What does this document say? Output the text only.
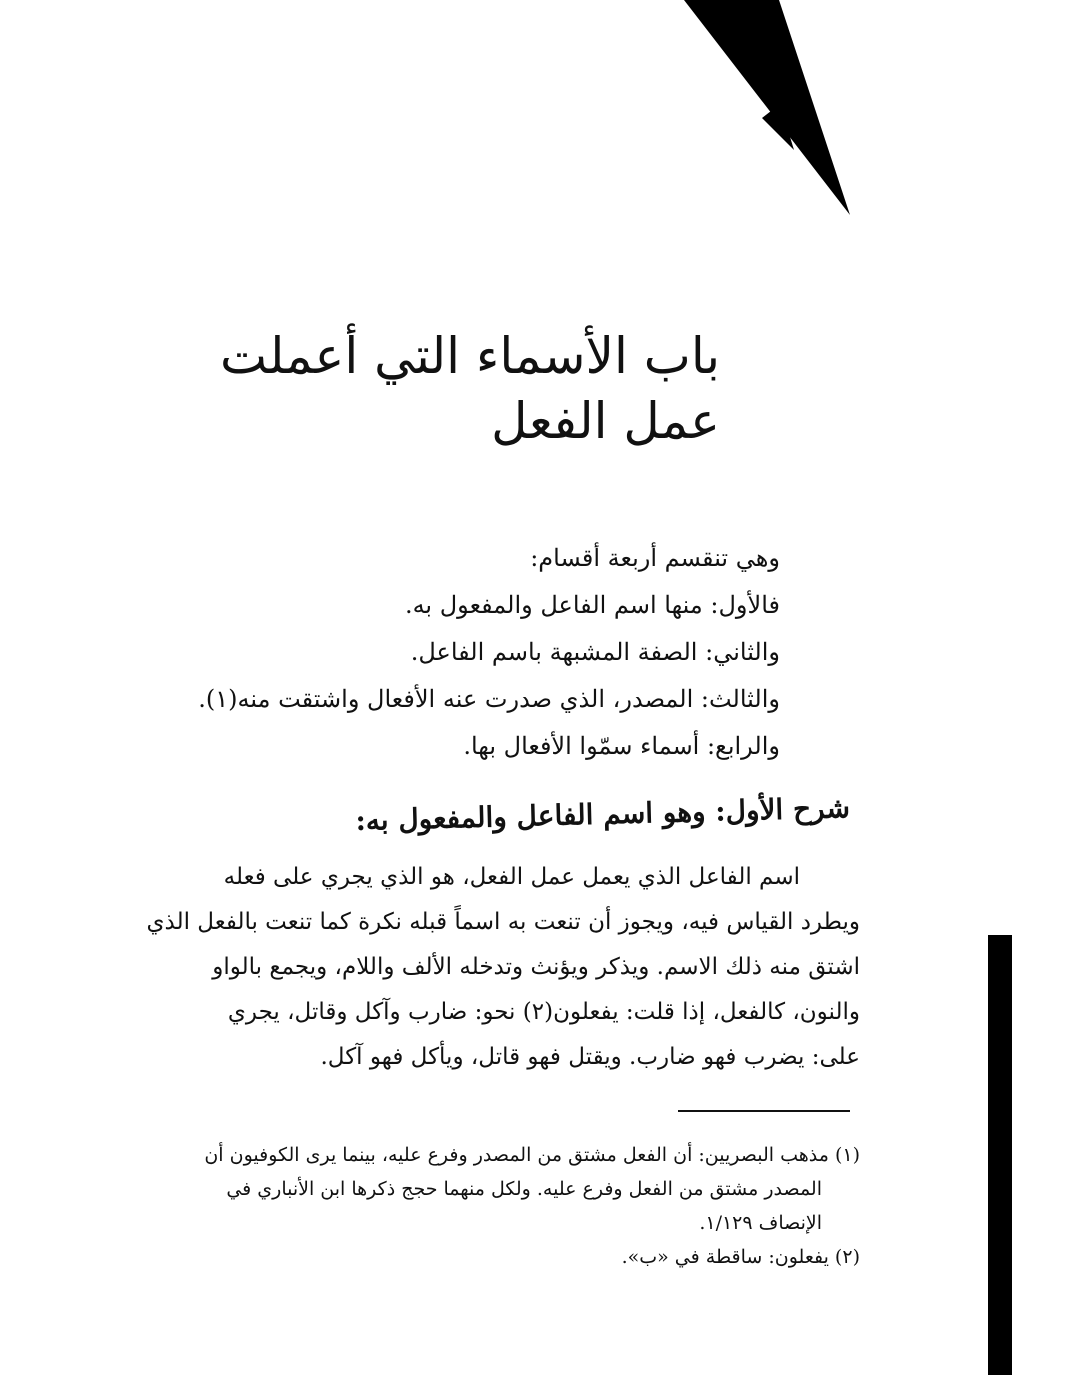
باب الأسماء التي أعملت عمل الفعل
وهي تنقسم أربعة أقسام:
فالأول: منها اسم الفاعل والمفعول به.
والثاني: الصفة المشبهة باسم الفاعل.
والثالث: المصدر، الذي صدرت عنه الأفعال واشتقت منه(١).
والرابع: أسماء سمّوا الأفعال بها.
شرح الأول: وهو اسم الفاعل والمفعول به:
اسم الفاعل الذي يعمل عمل الفعل، هو الذي يجري على فعله
ويطرد القياس فيه، ويجوز أن تنعت به اسماً قبله نكرة كما تنعت بالفعل الذي
اشتق منه ذلك الاسم. ويذكر ويؤنث وتدخله الألف واللام، ويجمع بالواو
والنون، كالفعل، إذا قلت: يفعلون(٢) نحو: ضارب وآكل وقاتل، يجري
على: يضرب فهو ضارب. ويقتل فهو قاتل، ويأكل فهو آكل.
(١) مذهب البصريين: أن الفعل مشتق من المصدر وفرع عليه، بينما يرى الكوفيون أن
المصدر مشتق من الفعل وفرع عليه. ولكل منهما حجج ذكرها ابن الأنباري في
الإنصاف ١/١٢٩.
(٢) يفعلون: ساقطة في «ب».
